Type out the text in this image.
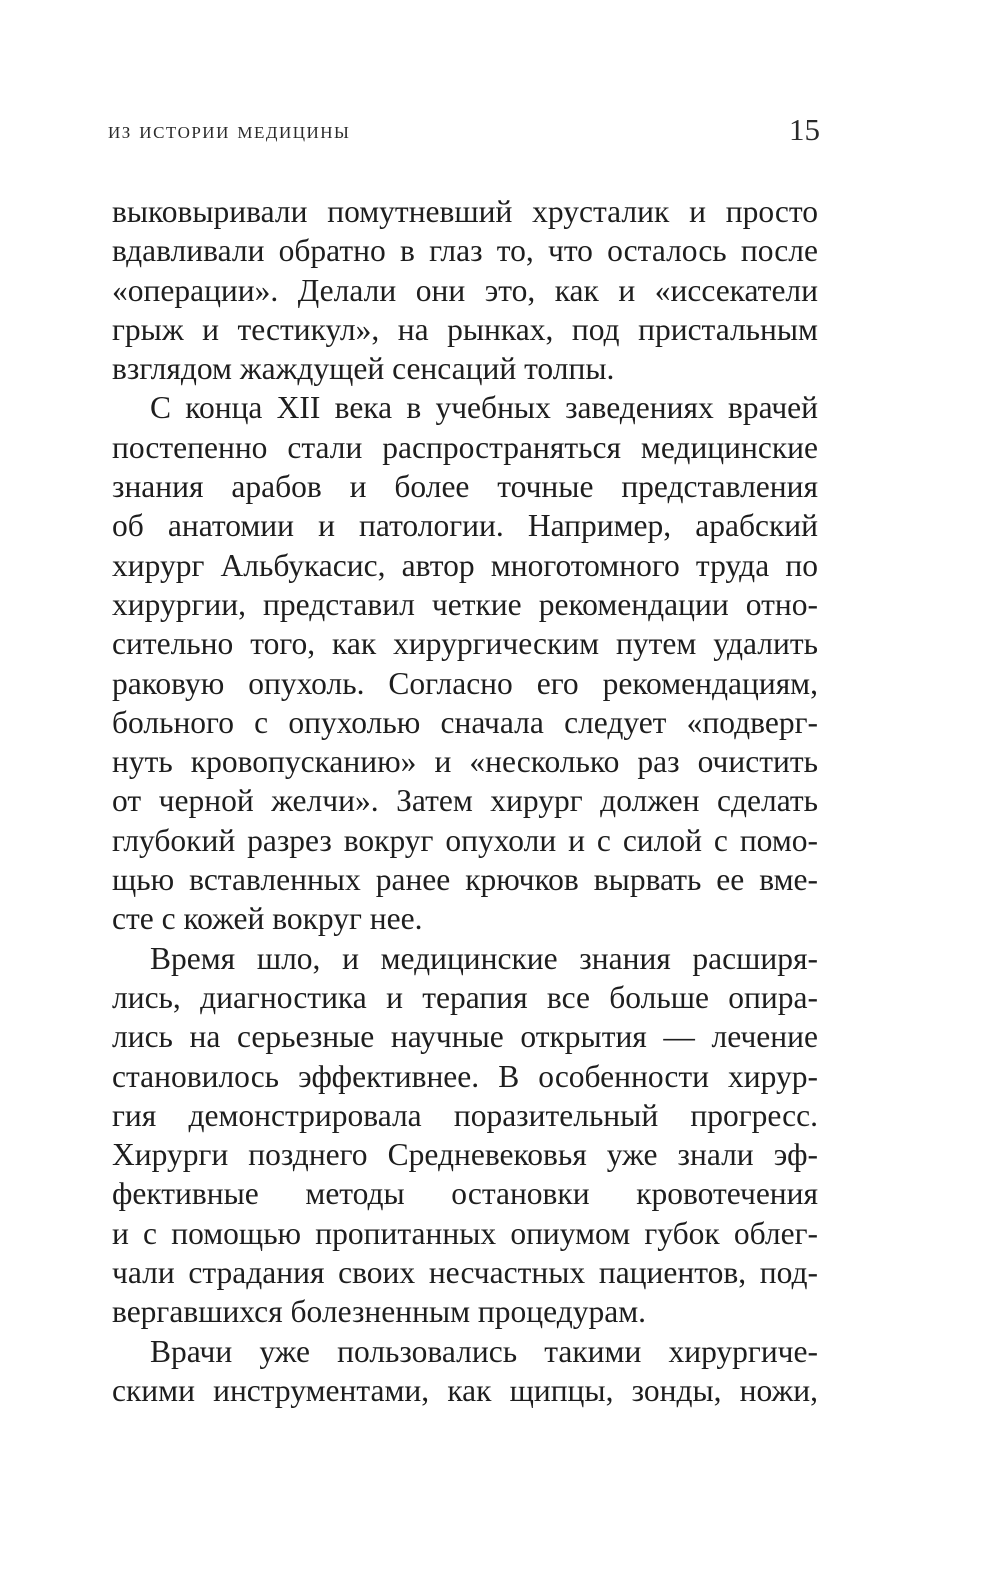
из истории медицины	15

выковыривали помутневший хрусталик и просто
вдавливали обратно в глаз то, что осталось после
«операции». Делали они это, как и «иссекатели
грыж и тестикул», на рынках, под пристальным
взглядом жаждущей сенсаций толпы.

С конца XII века в учебных заведениях врачей
постепенно стали распространяться медицинские
знания арабов и более точные представления
об анатомии и патологии. Например, арабский
хирург Альбукасис, автор многотомного труда по
хирургии, представил четкие рекомендации отно-
сительно того, как хирургическим путем удалить
раковую опухоль. Согласно его рекомендациям,
больного с опухолью сначала следует «подверг-
нуть кровопусканию» и «несколько раз очистить
от черной желчи». Затем хирург должен сделать
глубокий разрез вокруг опухоли и с силой с помо-
щью вставленных ранее крючков вырвать ее вме-
сте с кожей вокруг нее.

Время шло, и медицинские знания расширя-
лись, диагностика и терапия все больше опира-
лись на серьезные научные открытия — лечение
становилось эффективнее. В особенности хирур-
гия демонстрировала поразительный прогресс.
Хирурги позднего Средневековья уже знали эф-
фективные методы остановки кровотечения
и с помощью пропитанных опиумом губок облег-
чали страдания своих несчастных пациентов, под-
вергавшихся болезненным процедурам.

Врачи уже пользовались такими хирургиче-
скими инструментами, как щипцы, зонды, ножи,
